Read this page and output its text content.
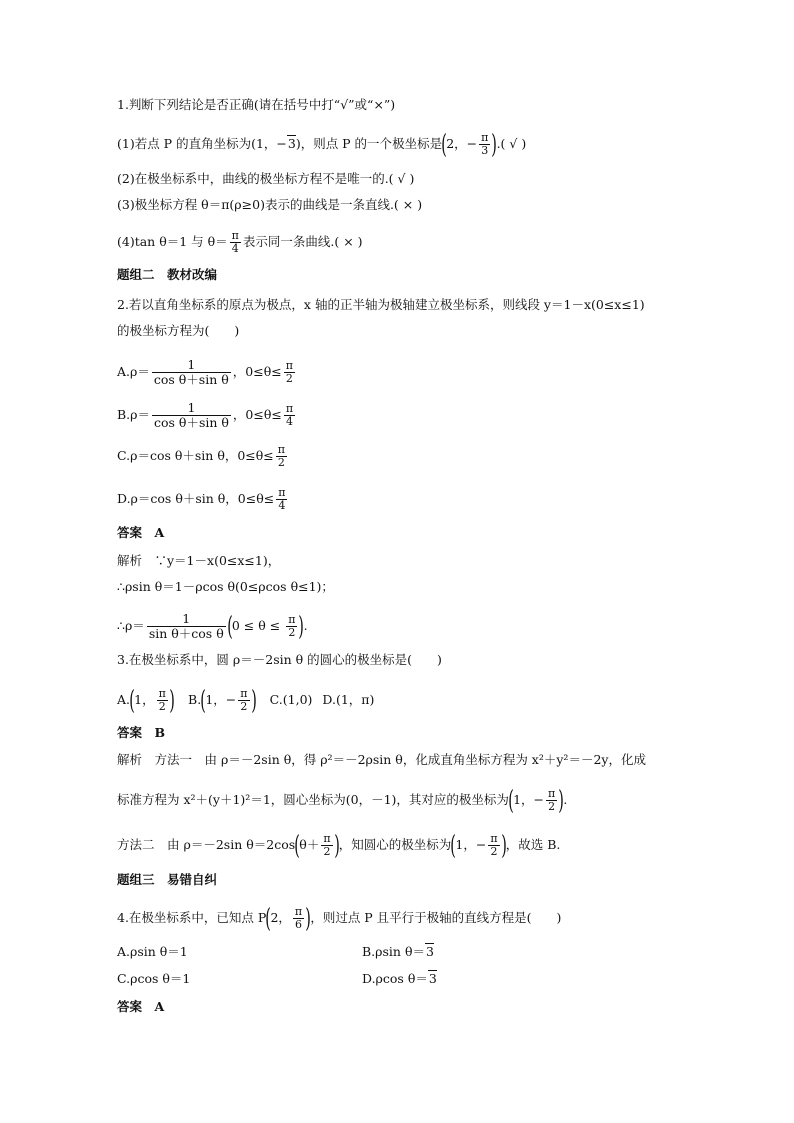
1.判断下列结论是否正确(请在括号中打“√”或“×”)
(1)若点 P 的直角坐标为(1，−3)，则点 P 的一个极坐标是(2，− $\frac{\pi}{3}$ ).( √ )
(2)在极坐标系中，曲线的极坐标方程不是唯一的.( √ )
(3)极坐标方程 θ＝π(ρ≥0)表示的曲线是一条直线.( × )
(4)tan θ＝1 与 $\theta= \frac{\pi}{4}$ 表示同一条曲线.( × )
题组二　教材改编
2.若以直角坐标系的原点为极点，x 轴的正半轴为极轴建立极坐标系，则线段 y＝1－x(0≤x≤1)
的极坐标方程为(　　)
$A.\rho= \frac{1}{\text{cos θ＋sin θ}}$ ，$0\le\theta\le \frac{\pi}{2}$
$B.\rho= \frac{1}{\text{cos θ＋sin θ}}$ ，$0\le\theta\le \frac{\pi}{4}$
C.ρ＝cos θ＋sin θ，$0\le\theta\le \frac{\pi}{2}$
D.ρ＝cos θ＋sin θ，$0\le\theta\le \frac{\pi}{4}$
答案　A
解析　∵y＝1－x(0≤x≤1)，
∴ρsin θ＝1－ρcos θ(0≤ρcos θ≤1)；
∴ρ＝ $\frac{1}{\text{sin θ＋cos θ}} (0 \le \theta \le \frac{\pi}{2}$ ).
3.在极坐标系中，圆 ρ＝－2sin θ 的圆心的极坐标是(　　)
A.(1， $\frac{\pi}{2}$ ) B.(1，− $\frac{\pi}{2}$ ) C.(1,0) D.(1，π)
答案　B
解析　方法一　由 ρ＝－2sin θ，得 ρ²＝－2ρsin θ，化成直角坐标方程为 x²＋y²＝－2y，化成
标准方程为 x²＋(y＋1)²＝1，圆心坐标为(0，－1)，其对应的极坐标为(1，− $\frac{\pi}{2}$ ).
方法二　由 ρ＝－2sin $\theta=2\cos(\theta+ \frac{\pi}{2}$ )，知圆心的极坐标为(1，− $\frac{\pi}{2}$ )，故选 B.
题组三　易错自纠
4.在极坐标系中，已知点 P(2， $\frac{\pi}{6}$ )，则过点 P 且平行于极轴的直线方程是(　　)
A.ρsin θ＝1	B.ρsin θ＝3
C.ρcos θ＝1	D.ρcos θ＝3
答案　A
